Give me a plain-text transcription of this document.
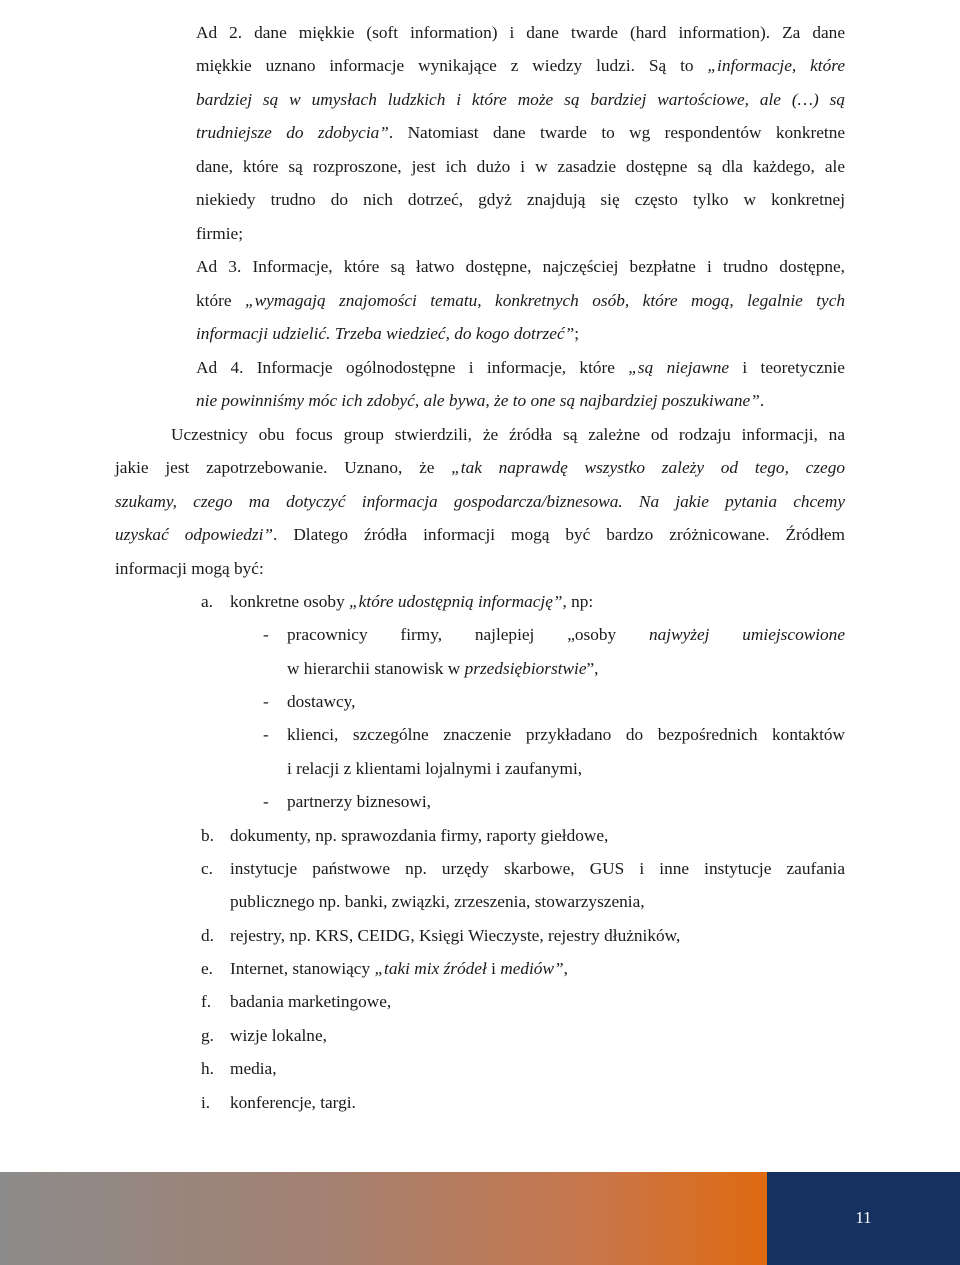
Ad 2. dane miękkie (soft information) i dane twarde (hard information). Za dane
miękkie uznano informacje wynikające z wiedzy ludzi. Są to „informacje, które
bardziej są w umysłach ludzkich i które może są bardziej wartościowe, ale (…) są
trudniejsze do zdobycia”. Natomiast dane twarde to wg respondentów konkretne
dane, które są rozproszone, jest ich dużo i w zasadzie dostępne są dla każdego, ale
niekiedy trudno do nich dotrzeć, gdyż znajdują się często tylko w konkretnej
firmie;
Ad 3. Informacje, które są łatwo dostępne, najczęściej bezpłatne i trudno dostępne,
które „wymagają znajomości tematu, konkretnych osób, które mogą, legalnie tych
informacji udzielić. Trzeba wiedzieć, do kogo dotrzeć”;
Ad 4. Informacje ogólnodostępne i informacje, które „są niejawne i teoretycznie
nie powinniśmy móc ich zdobyć, ale bywa, że to one są najbardziej poszukiwane”.
Uczestnicy obu focus group stwierdzili, że źródła są zależne od rodzaju informacji, na
jakie jest zapotrzebowanie. Uznano, że „tak naprawdę wszystko zależy od tego, czego
szukamy, czego ma dotyczyć informacja gospodarcza/biznesowa. Na jakie pytania chcemy
uzyskać odpowiedzi”. Dlatego źródła informacji mogą być bardzo zróżnicowane. Źródłem
informacji mogą być:
a. konkretne osoby „które udostępnią informację”, np:
- pracownicy firmy, najlepiej „osoby najwyżej umiejscowione
w hierarchii stanowisk w przedsiębiorstwie”,
- dostawcy,
- klienci, szczególne znaczenie przykładano do bezpośrednich kontaktów
i relacji z klientami lojalnymi i zaufanymi,
- partnerzy biznesowi,
b. dokumenty, np. sprawozdania firmy, raporty giełdowe,
c. instytucje państwowe np. urzędy skarbowe, GUS i inne instytucje zaufania
publicznego np. banki, związki, zrzeszenia, stowarzyszenia,
d. rejestry, np. KRS, CEIDG, Księgi Wieczyste, rejestry dłużników,
e. Internet, stanowiący „taki mix źródeł i mediów”,
f. badania marketingowe,
g. wizje lokalne,
h. media,
i. konferencje, targi.
11
